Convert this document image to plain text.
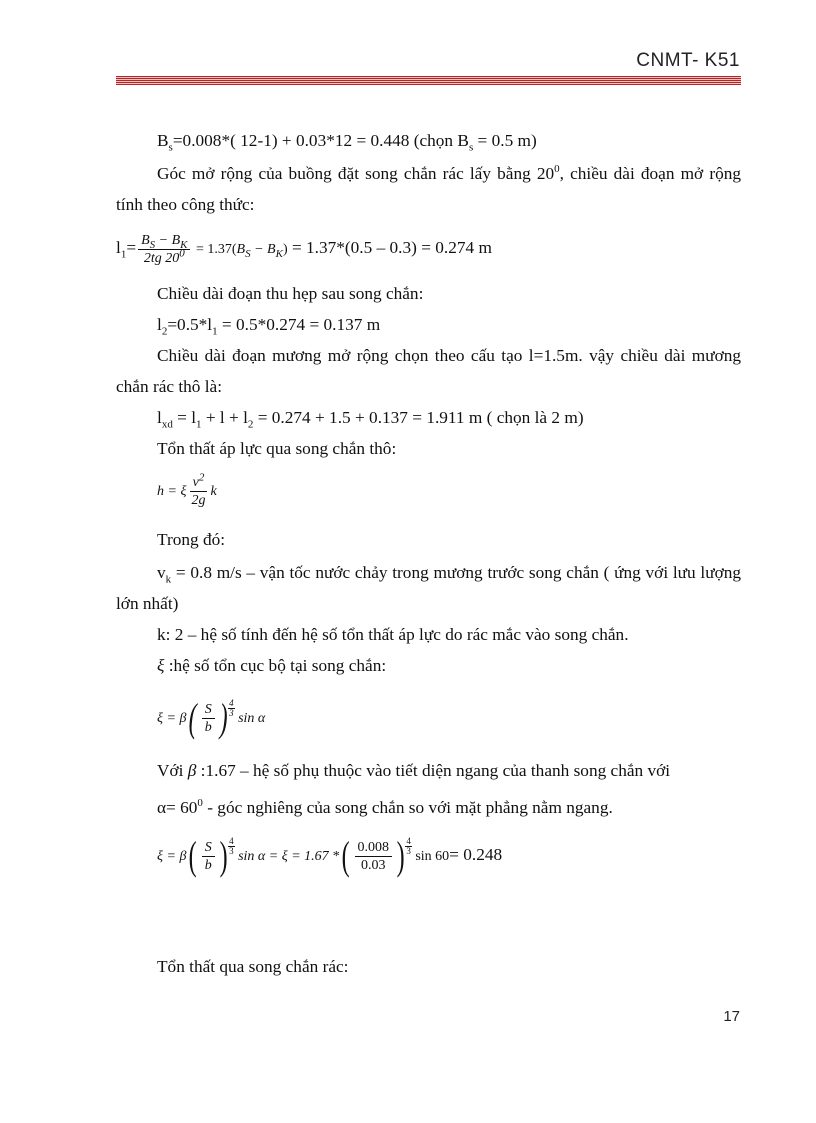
CNMT- K51

$B_s=0.008*$( 12-1) + 0.03*12 = 0.448 (chọn $B_s = 0.5$ m)

Góc mở rộng của buồng đặt song chắn rác lấy bằng $20^0$, chiều dài đoạn mở rộng tính theo công thức:

$l_1= \frac{B_S - B_K}{2tg 20^0} = 1.37(B_S - B_K) = 1.37*(0.5 - 0.3) = 0.274$ m

Chiều dài đoạn thu hẹp sau song chắn:

$l_2=0.5*l_1 = 0.5*0.274 = 0.137$ m

Chiều dài đoạn mương mở rộng chọn theo cấu tạo l=1.5m. vậy chiều dài mương chắn rác thô là:

$l_{xd} = l_1 + l + l_2 = 0.274 + 1.5 + 0.137 = 1.911$ m ( chọn là 2 m)

Tổn thất áp lực qua song chắn thô:

h = ξ $\frac{v^2}{2g}$ k

Trong đó:

$v_k = 0.8$ m/s – vận tốc nước chảy trong mương trước song chắn ( ứng với lưu lượng lớn nhất)

k: 2 – hệ số tính đến hệ số tổn thất áp lực do rác mắc vào song chắn.

ξ :hệ số tổn cục bộ tại song chắn:

$\xi = \beta( \frac{S}{b}$ ) $\frac{4}{3}$
sin α

Với β :1.67 – hệ số phụ thuộc vào tiết diện ngang của thanh song chắn với

$\alpha= 60^0$ - góc nghiêng của song chắn so với mặt phẳng nằm ngang.

$\xi = \beta( \frac{S}{b}$ ) $\frac{4}{3}$
sin α = ξ = 1.67 *( $\frac{0.008}{0.03}$ ) $\frac{4}{3}$
sin 60= 0.248

Tổn thất qua song chắn rác:

17
